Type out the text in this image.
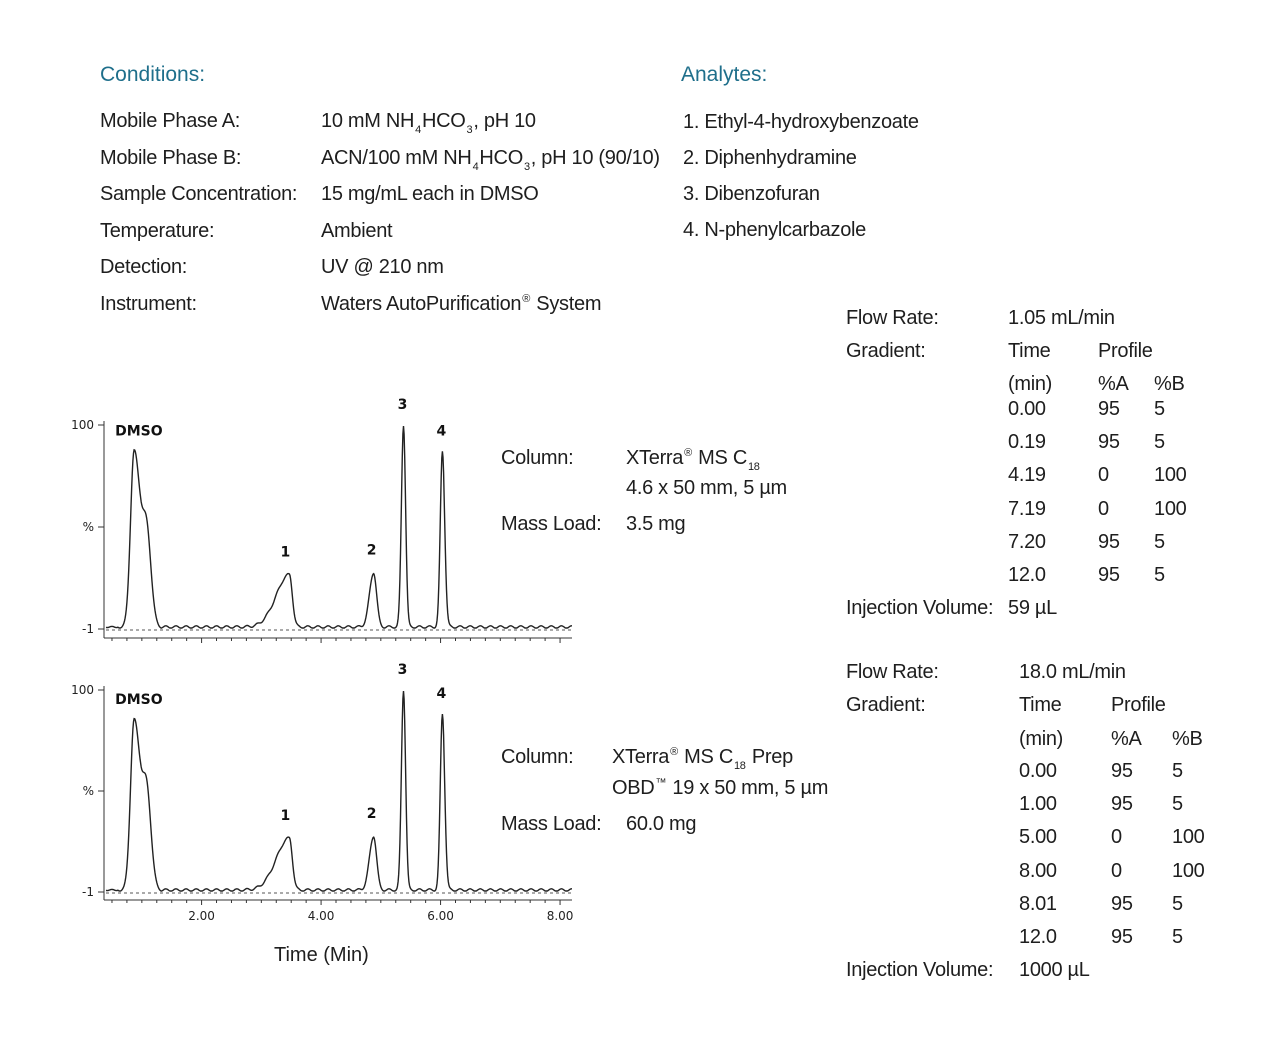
Conditions:
Mobile Phase A:	10 mM $NH_4HCO_3$, pH 10
Mobile Phase B:	ACN/100 mM $NH_4HCO_3$, pH 10 (90/10)
Sample Concentration: 15 mg/mL each in DMSO
Temperature:	Ambient
Detection:	UV @ 210 nm
Instrument:	Waters AutoPurification® System
Analytes:
1. Ethyl-4-hydroxybenzoate
2. Diphenhydramine
3. Dibenzofuran
4. N-phenylcarbazole
Column:	XTerra® MS $C_{18}$
4.6 x 50 mm, 5 µm
Mass Load: 3.5 mg
Column: XTerra® MS $C_{18}$ Prep
OBD™ 19 x 50 mm, 5 µm
Mass Load: 60.0 mg
Flow Rate:	1.05 mL/min
Gradient:	Time Profile
(min) %A %B
0.00	95 5
0.19	95 5
4.19	0 100
7.19	0 100
7.20	95 5
12.0	95 5
Injection Volume: 59 µL
Flow Rate:	18.0 mL/min
Gradient:	Time Profile
(min) %A %B
0.00	95 5
1.00	95 5
5.00	0	100
8.00	0	100
8.01	95 5
12.0	95 5
Injection Volume: 1000 µL
100
%
-1
DMSO
1	2
3
4
100
%
-1
2.00	4.00	6.00	8.00
DMSO
1	2
3
4
Time (Min)
